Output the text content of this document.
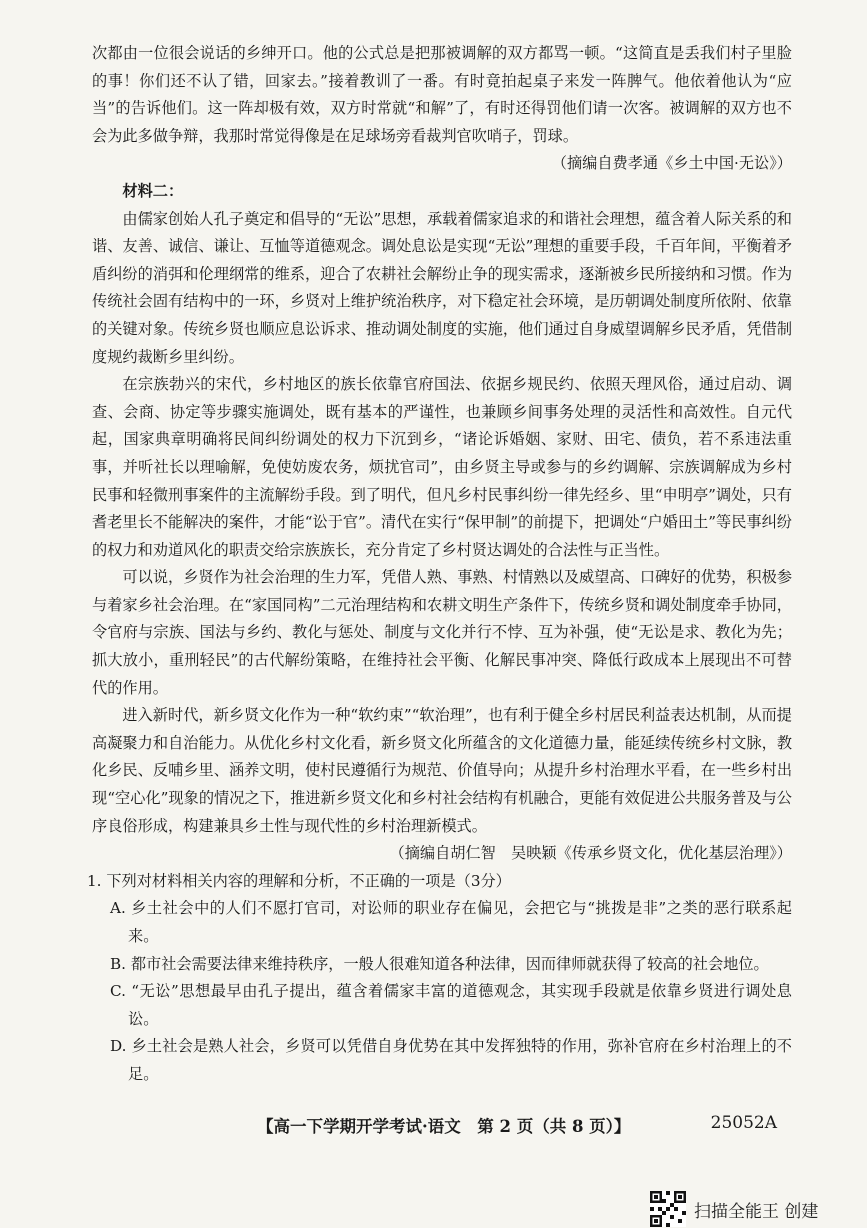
次都由一位很会说话的乡绅开口。他的公式总是把那被调解的双方都骂一顿。“这简直是丢我们村子里脸的事！你们还不认了错，回家去。”接着教训了一番。有时竟拍起桌子来发一阵脾气。他依着他认为“应当”的告诉他们。这一阵却极有效，双方时常就“和解”了，有时还得罚他们请一次客。被调解的双方也不会为此多做争辩，我那时常觉得像是在足球场旁看裁判官吹哨子，罚球。

（摘编自费孝通《乡土中国·无讼》）

材料二：

由儒家创始人孔子奠定和倡导的“无讼”思想，承载着儒家追求的和谐社会理想，蕴含着人际关系的和谐、友善、诚信、谦让、互恤等道德观念。调处息讼是实现“无讼”理想的重要手段，千百年间，平衡着矛盾纠纷的消弭和伦理纲常的维系，迎合了农耕社会解纷止争的现实需求，逐渐被乡民所接纳和习惯。作为传统社会固有结构中的一环，乡贤对上维护统治秩序，对下稳定社会环境，是历朝调处制度所依附、依靠的关键对象。传统乡贤也顺应息讼诉求、推动调处制度的实施，他们通过自身威望调解乡民矛盾，凭借制度规约裁断乡里纠纷。

在宗族勃兴的宋代，乡村地区的族长依靠官府国法、依据乡规民约、依照天理风俗，通过启动、调查、会商、协定等步骤实施调处，既有基本的严谨性，也兼顾乡间事务处理的灵活性和高效性。自元代起，国家典章明确将民间纠纷调处的权力下沉到乡，“诸论诉婚姻、家财、田宅、债负，若不系违法重事，并听社长以理喻解，免使妨废农务，烦扰官司”，由乡贤主导或参与的乡约调解、宗族调解成为乡村民事和轻微刑事案件的主流解纷手段。到了明代，但凡乡村民事纠纷一律先经乡、里“申明亭”调处，只有耆老里长不能解决的案件，才能“讼于官”。清代在实行“保甲制”的前提下，把调处“户婚田土”等民事纠纷的权力和劝道风化的职责交给宗族族长，充分肯定了乡村贤达调处的合法性与正当性。

可以说，乡贤作为社会治理的生力军，凭借人熟、事熟、村情熟以及威望高、口碑好的优势，积极参与着家乡社会治理。在“家国同构”二元治理结构和农耕文明生产条件下，传统乡贤和调处制度牵手协同，令官府与宗族、国法与乡约、教化与惩处、制度与文化并行不悖、互为补强，使“无讼是求、教化为先；抓大放小，重刑轻民”的古代解纷策略，在维持社会平衡、化解民事冲突、降低行政成本上展现出不可替代的作用。

进入新时代，新乡贤文化作为一种“软约束”“软治理”，也有利于健全乡村居民利益表达机制，从而提高凝聚力和自治能力。从优化乡村文化看，新乡贤文化所蕴含的文化道德力量，能延续传统乡村文脉，教化乡民、反哺乡里、涵养文明，使村民遵循行为规范、价值导向；从提升乡村治理水平看，在一些乡村出现“空心化”现象的情况之下，推进新乡贤文化和乡村社会结构有机融合，更能有效促进公共服务普及与公序良俗形成，构建兼具乡土性与现代性的乡村治理新模式。

（摘编自胡仁智　吴映颖《传承乡贤文化，优化基层治理》）

1. 下列对材料相关内容的理解和分析，不正确的一项是（3分）

A. 乡土社会中的人们不愿打官司，对讼师的职业存在偏见，会把它与“挑拨是非”之类的恶行联系起来。

B. 都市社会需要法律来维持秩序，一般人很难知道各种法律，因而律师就获得了较高的社会地位。

C. “无讼”思想最早由孔子提出，蕴含着儒家丰富的道德观念，其实现手段就是依靠乡贤进行调处息讼。

D. 乡土社会是熟人社会，乡贤可以凭借自身优势在其中发挥独特的作用，弥补官府在乡村治理上的不足。

【高一下学期开学考试·语文　第 2 页（共 8 页）】	25052A
扫描全能王 创建
